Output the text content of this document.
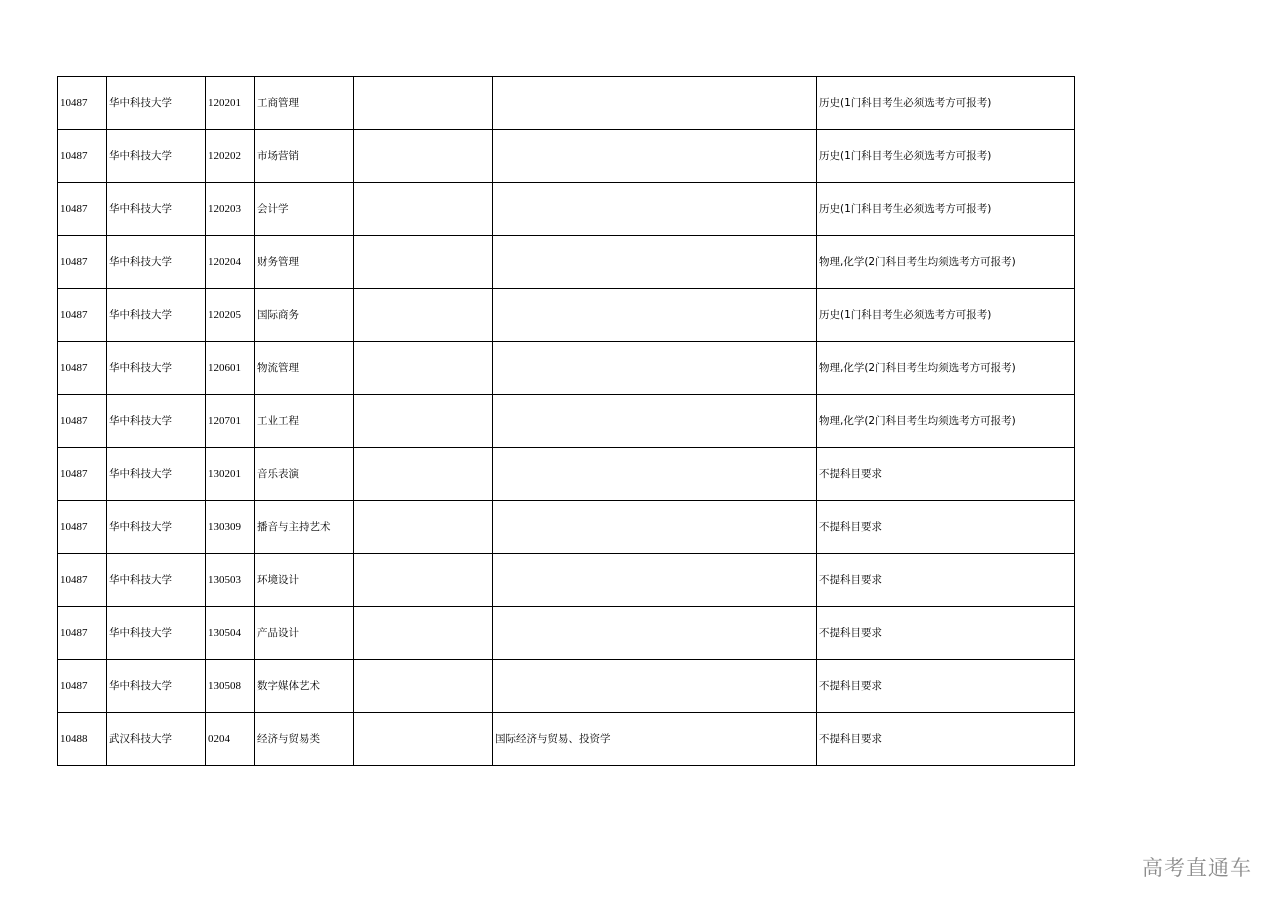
10487	华中科技大学	120201	工商管理			历史(1门科目考生必须选考方可报考)
10487	华中科技大学	120202	市场营销			历史(1门科目考生必须选考方可报考)
10487	华中科技大学	120203	会计学			历史(1门科目考生必须选考方可报考)
10487	华中科技大学	120204	财务管理			物理,化学(2门科目考生均须选考方可报考)
10487	华中科技大学	120205	国际商务			历史(1门科目考生必须选考方可报考)
10487	华中科技大学	120601	物流管理			物理,化学(2门科目考生均须选考方可报考)
10487	华中科技大学	120701	工业工程			物理,化学(2门科目考生均须选考方可报考)
10487	华中科技大学	130201	音乐表演			不提科目要求
10487	华中科技大学	130309	播音与主持艺术			不提科目要求
10487	华中科技大学	130503	环境设计			不提科目要求
10487	华中科技大学	130504	产品设计			不提科目要求
10487	华中科技大学	130508	数字媒体艺术			不提科目要求
10488	武汉科技大学	0204	经济与贸易类		国际经济与贸易、投资学	不提科目要求
高考直通车
